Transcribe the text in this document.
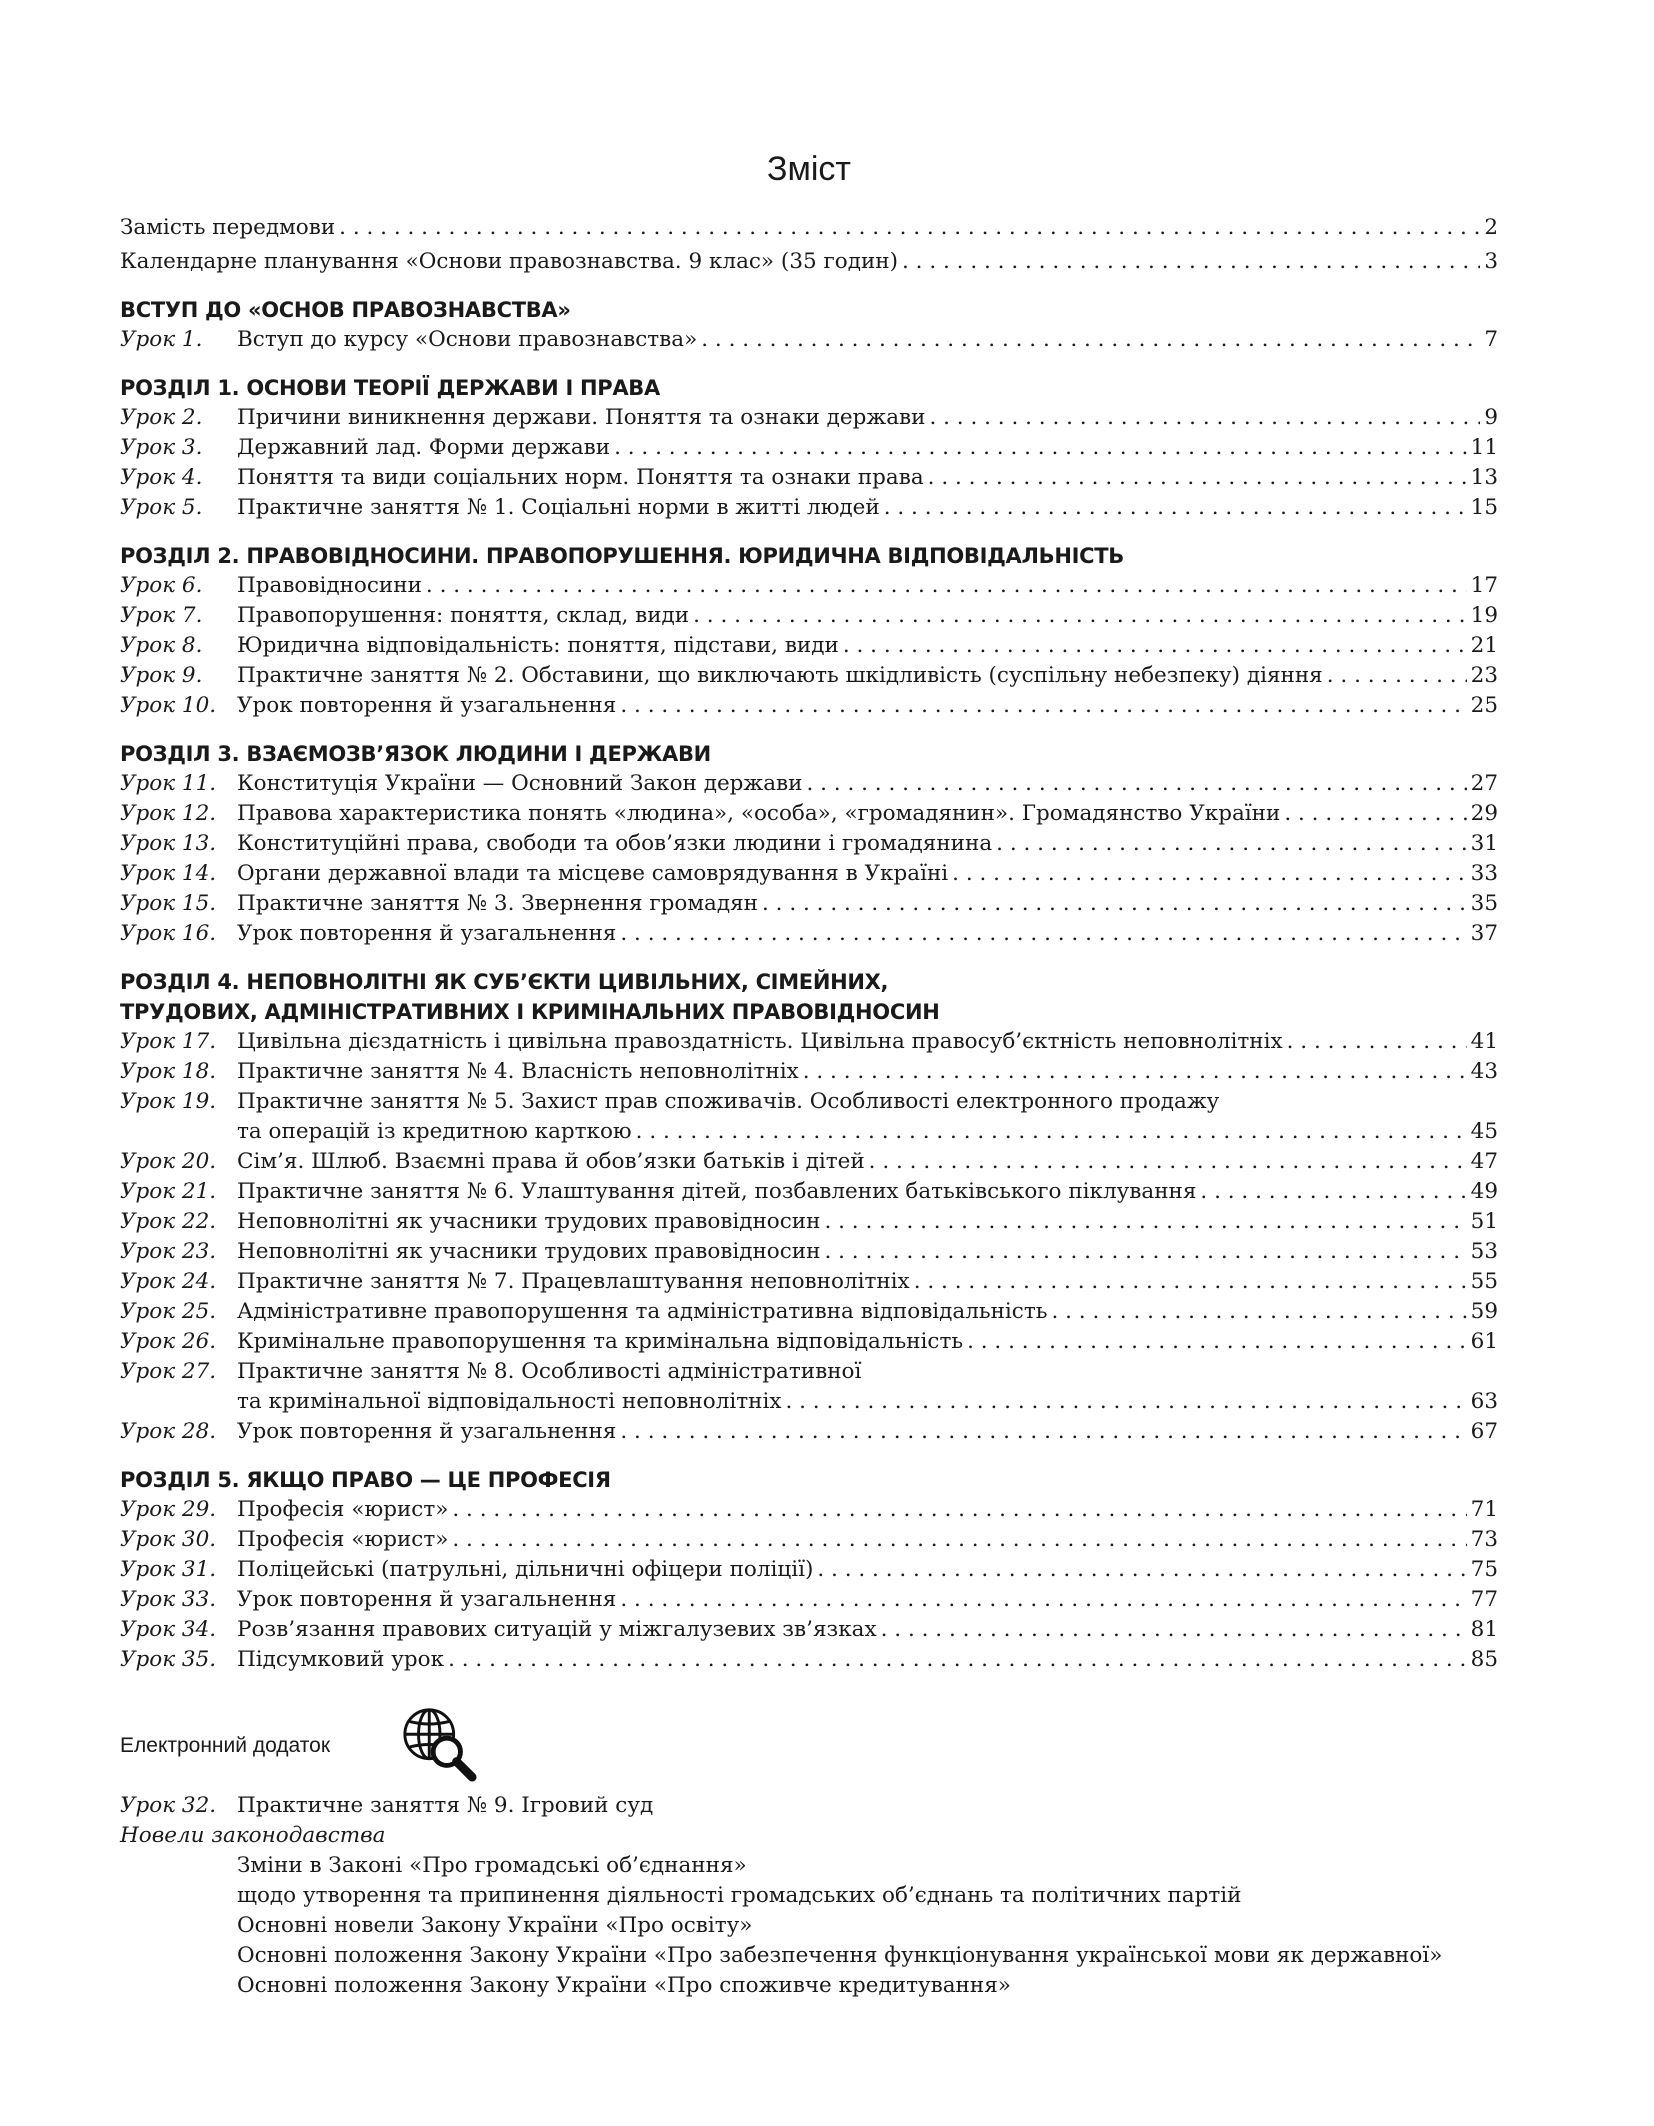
Зміст
Замість передмови . . .	2
Календарне планування «Основи правознавства. 9 клас» (35 годин) . . .	3
ВСТУП ДО «ОСНОВ ПРАВОЗНАВСТВА»
Урок 1.	Вступ до курсу «Основи правознавства» . . .	7
РОЗДІЛ 1. ОСНОВИ ТЕОРІЇ ДЕРЖАВИ І ПРАВА
Урок 2.	Причини виникнення держави. Поняття та ознаки держави . . .	9
Урок 3.	Державний лад. Форми держави . . .	11
Урок 4.	Поняття та види соціальних норм. Поняття та ознаки права . . .	13
Урок 5.	Практичне заняття № 1. Соціальні норми в житті людей . . .	15
РОЗДІЛ 2. ПРАВОВІДНОСИНИ. ПРАВОПОРУШЕННЯ. ЮРИДИЧНА ВІДПОВІДАЛЬНІСТЬ
Урок 6.	Правовідносини . . .	17
Урок 7.	Правопорушення: поняття, склад, види . . .	19
Урок 8.	Юридична відповідальність: поняття, підстави, види . . .	21
Урок 9.	Практичне заняття № 2. Обставини, що виключають шкідливість (суспільну небезпеку) діяння . . .	23
Урок 10. Урок повторення й узагальнення . . .	25
РОЗДІЛ 3. ВЗАЄМОЗВ’ЯЗОК ЛЮДИНИ І ДЕРЖАВИ
Урок 11. Конституція України — Основний Закон держави . . .	27
Урок 12. Правова характеристика понять «людина», «особа», «громадянин». Громадянство України . . .	29
Урок 13. Конституційні права, свободи та обов’язки людини і громадянина . . .	31
Урок 14. Органи державної влади та місцеве самоврядування в Україні . . .	33
Урок 15. Практичне заняття № 3. Звернення громадян . . .	35
Урок 16. Урок повторення й узагальнення . . .	37
РОЗДІЛ 4. НЕПОВНОЛІТНІ ЯК СУБ’ЄКТИ ЦИВІЛЬНИХ, СІМЕЙНИХ,
ТРУДОВИХ, АДМІНІСТРАТИВНИХ І КРИМІНАЛЬНИХ ПРАВОВІДНОСИН
Урок 17. Цивільна дієздатність і цивільна правоздатність. Цивільна правосуб’єктність неповнолітніх . . .	41
Урок 18. Практичне заняття № 4. Власність неповнолітніх . . .	43
Урок 19. Практичне заняття № 5. Захист прав споживачів. Особливості електронного продажу
та операцій із кредитною карткою . . .	45
Урок 20. Сім’я. Шлюб. Взаємні права й обов’язки батьків і дітей . . .	47
Урок 21. Практичне заняття № 6. Улаштування дітей, позбавлених батьківського піклування . . .	49
Урок 22. Неповнолітні як учасники трудових правовідносин . . .	51
Урок 23. Неповнолітні як учасники трудових правовідносин . . .	53
Урок 24. Практичне заняття № 7. Працевлаштування неповнолітніх . . .	55
Урок 25. Адміністративне правопорушення та адміністративна відповідальність . . .	59
Урок 26. Кримінальне правопорушення та кримінальна відповідальність . . .	61
Урок 27. Практичне заняття № 8. Особливості адміністративної
та кримінальної відповідальності неповнолітніх . . .	63
Урок 28. Урок повторення й узагальнення . . .	67
РОЗДІЛ 5. ЯКЩО ПРАВО — ЦЕ ПРОФЕСІЯ
Урок 29. Професія «юрист» . . .	71
Урок 30. Професія «юрист» . . .	73
Урок 31. Поліцейські (патрульні, дільничні офіцери поліції) . . .	75
Урок 33. Урок повторення й узагальнення . . .	77
Урок 34. Розв’язання правових ситуацій у міжгалузевих зв’язках . . .	81
Урок 35. Підсумковий урок . . .	85
Електронний додаток
Урок 32. Практичне заняття № 9. Ігровий суд
Новели законодавства
Зміни в Законі «Про громадські об’єднання»
щодо утворення та припинення діяльності громадських об’єднань та політичних партій
Основні новели Закону України «Про освіту»
Основні положення Закону України «Про забезпечення функціонування української мови як державної»
Основні положення Закону України «Про споживче кредитування»
